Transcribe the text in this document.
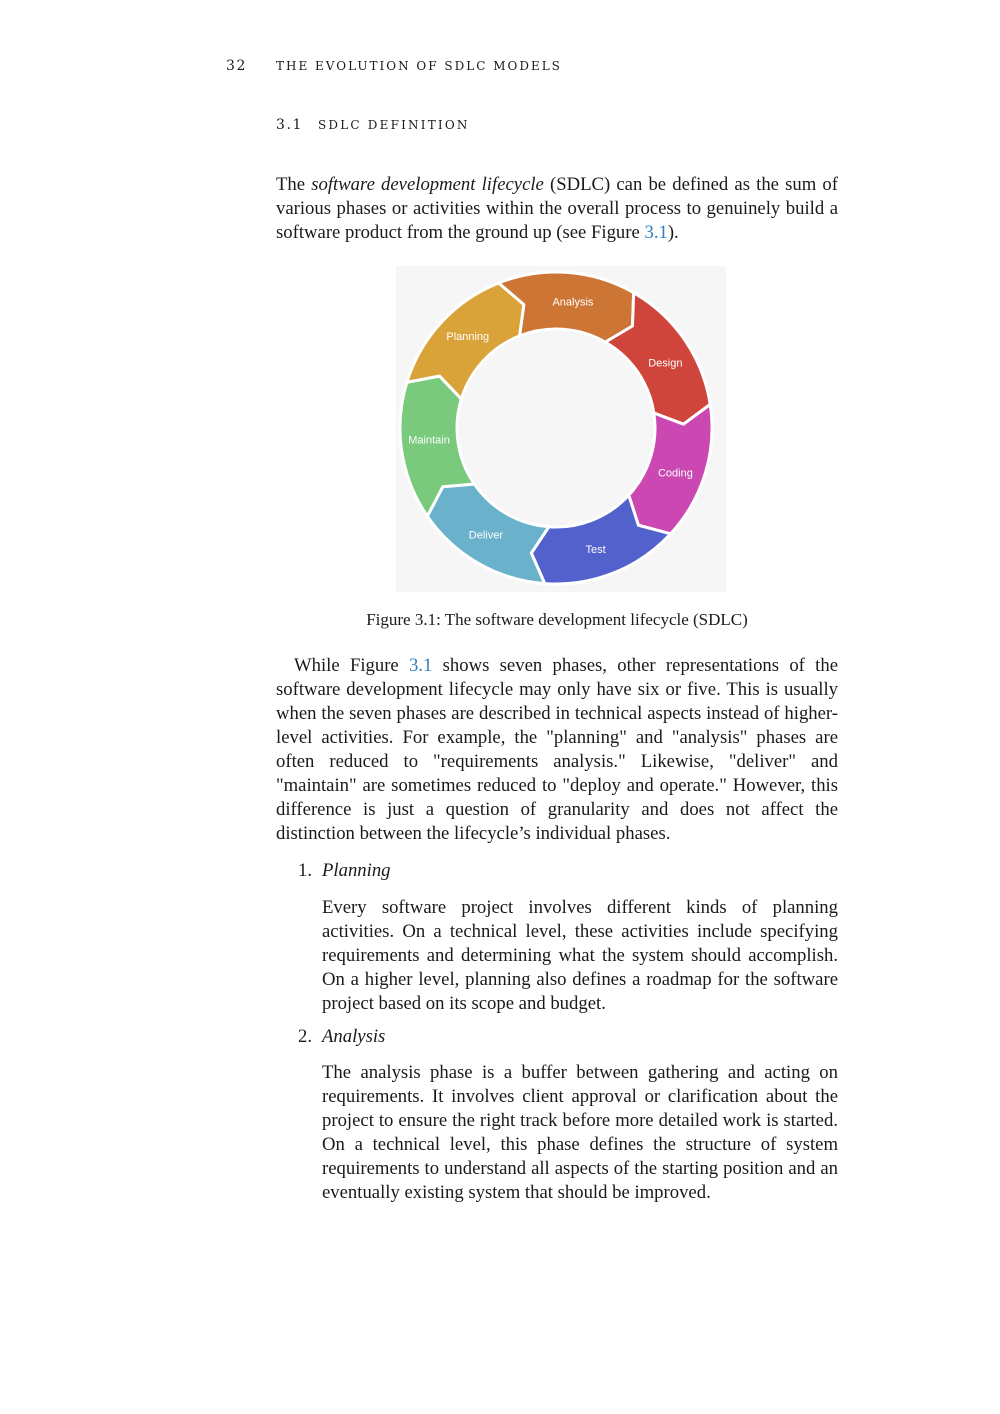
32 THE EVOLUTION OF SDLC MODELS
3.1 SDLC DEFINITION

The software development lifecycle (SDLC) can be defined as the sum of various phases or activities within the overall process to genuinely build a software product from the ground up (see Figure 3.1).

Planning
Analysis
Design
Coding
Test
Deliver
Maintain
Figure 3.1: The software development lifecycle (SDLC)

While Figure 3.1 shows seven phases, other representations of the software development lifecycle may only have six or five. This is usually when the seven phases are described in technical aspects instead of higher-level activities. For example, the "planning" and "analysis" phases are often reduced to "requirements analysis." Likewise, "deliver" and "maintain" are sometimes reduced to "deploy and operate." However, this difference is just a question of granularity and does not affect the distinction between the lifecycle’s individual phases.

1. Planning

Every software project involves different kinds of planning activities. On a technical level, these activities include specifying requirements and determining what the system should accomplish. On a higher level, planning also defines a roadmap for the software project based on its scope and budget.

2. Analysis

The analysis phase is a buffer between gathering and acting on requirements. It involves client approval or clarification about the project to ensure the right track before more detailed work is started. On a technical level, this phase defines the structure of system requirements to understand all aspects of the starting position and an eventually existing system that should be improved.
